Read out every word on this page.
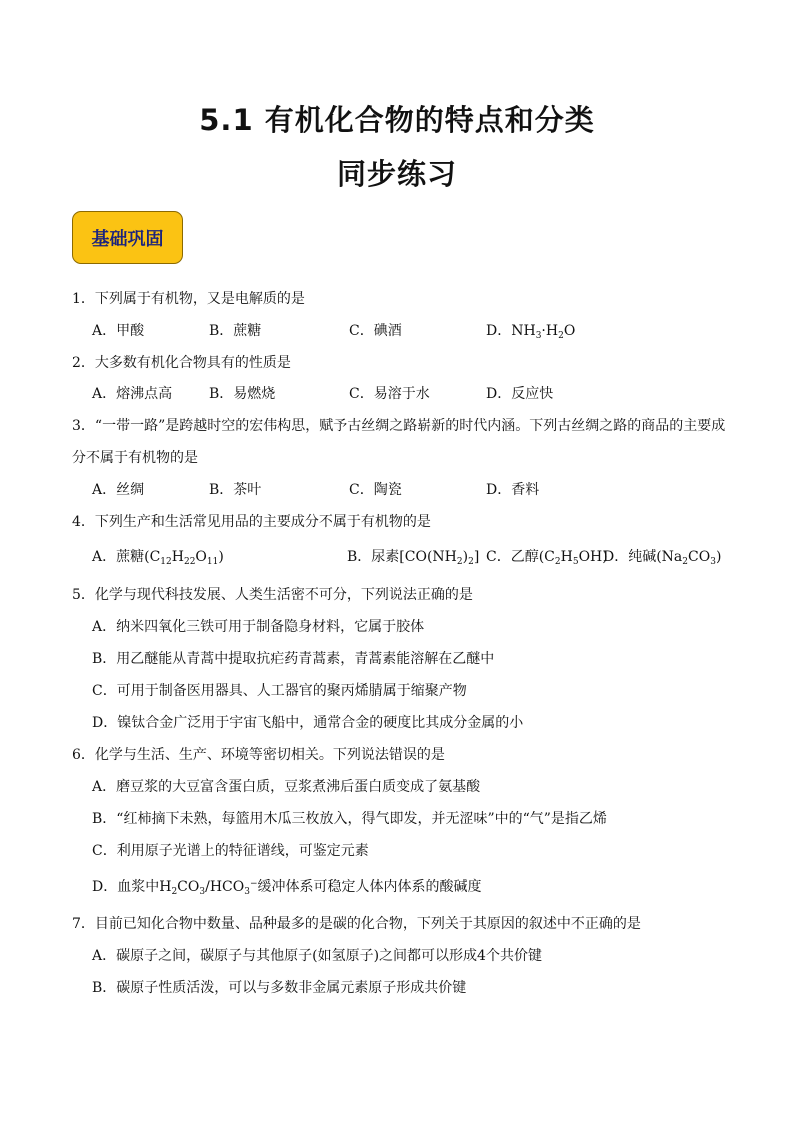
5.1 有机化合物的特点和分类
同步练习
基础巩固
1．下列属于有机物，又是电解质的是
A．甲酸	B．蔗糖	C．碘酒	D．$NH_3\cdot H_2O$
2．大多数有机化合物具有的性质是
A．熔沸点高	B．易燃烧	C．易溶于水	D．反应快
3．“一带一路”是跨越时空的宏伟构思，赋予古丝绸之路崭新的时代内涵。下列古丝绸之路的商品的主要成
分不属于有机物的是
A．丝绸	B．茶叶	C．陶瓷	D．香料
4．下列生产和生活常见用品的主要成分不属于有机物的是
A．蔗糖$(C_{12}H_{22}O_{11})$	B．尿素$[CO(NH_2)_2]$ C．乙醇$(C_2H_5OH)$
D．纯碱$(Na_2CO_3)$
5．化学与现代科技发展、人类生活密不可分，下列说法正确的是
A．纳米四氧化三铁可用于制备隐身材料，它属于胶体
B．用乙醚能从青蒿中提取抗疟药青蒿素，青蒿素能溶解在乙醚中
C．可用于制备医用器具、人工器官的聚丙烯腈属于缩聚产物
D．镍钛合金广泛用于宇宙飞船中，通常合金的硬度比其成分金属的小
6．化学与生活、生产、环境等密切相关。下列说法错误的是
A．磨豆浆的大豆富含蛋白质，豆浆煮沸后蛋白质变成了氨基酸
B．“红柿摘下未熟，每篮用木瓜三枚放入，得气即发，并无涩味”中的“气”是指乙烯
C．利用原子光谱上的特征谱线，可鉴定元素
D．血浆中$H_2CO_3/HCO_3^-$缓冲体系可稳定人体内体系的酸碱度
7．目前已知化合物中数量、品种最多的是碳的化合物，下列关于其原因的叙述中不正确的是
A．碳原子之间，碳原子与其他原子(如氢原子)之间都可以形成4个共价键
B．碳原子性质活泼，可以与多数非金属元素原子形成共价键
